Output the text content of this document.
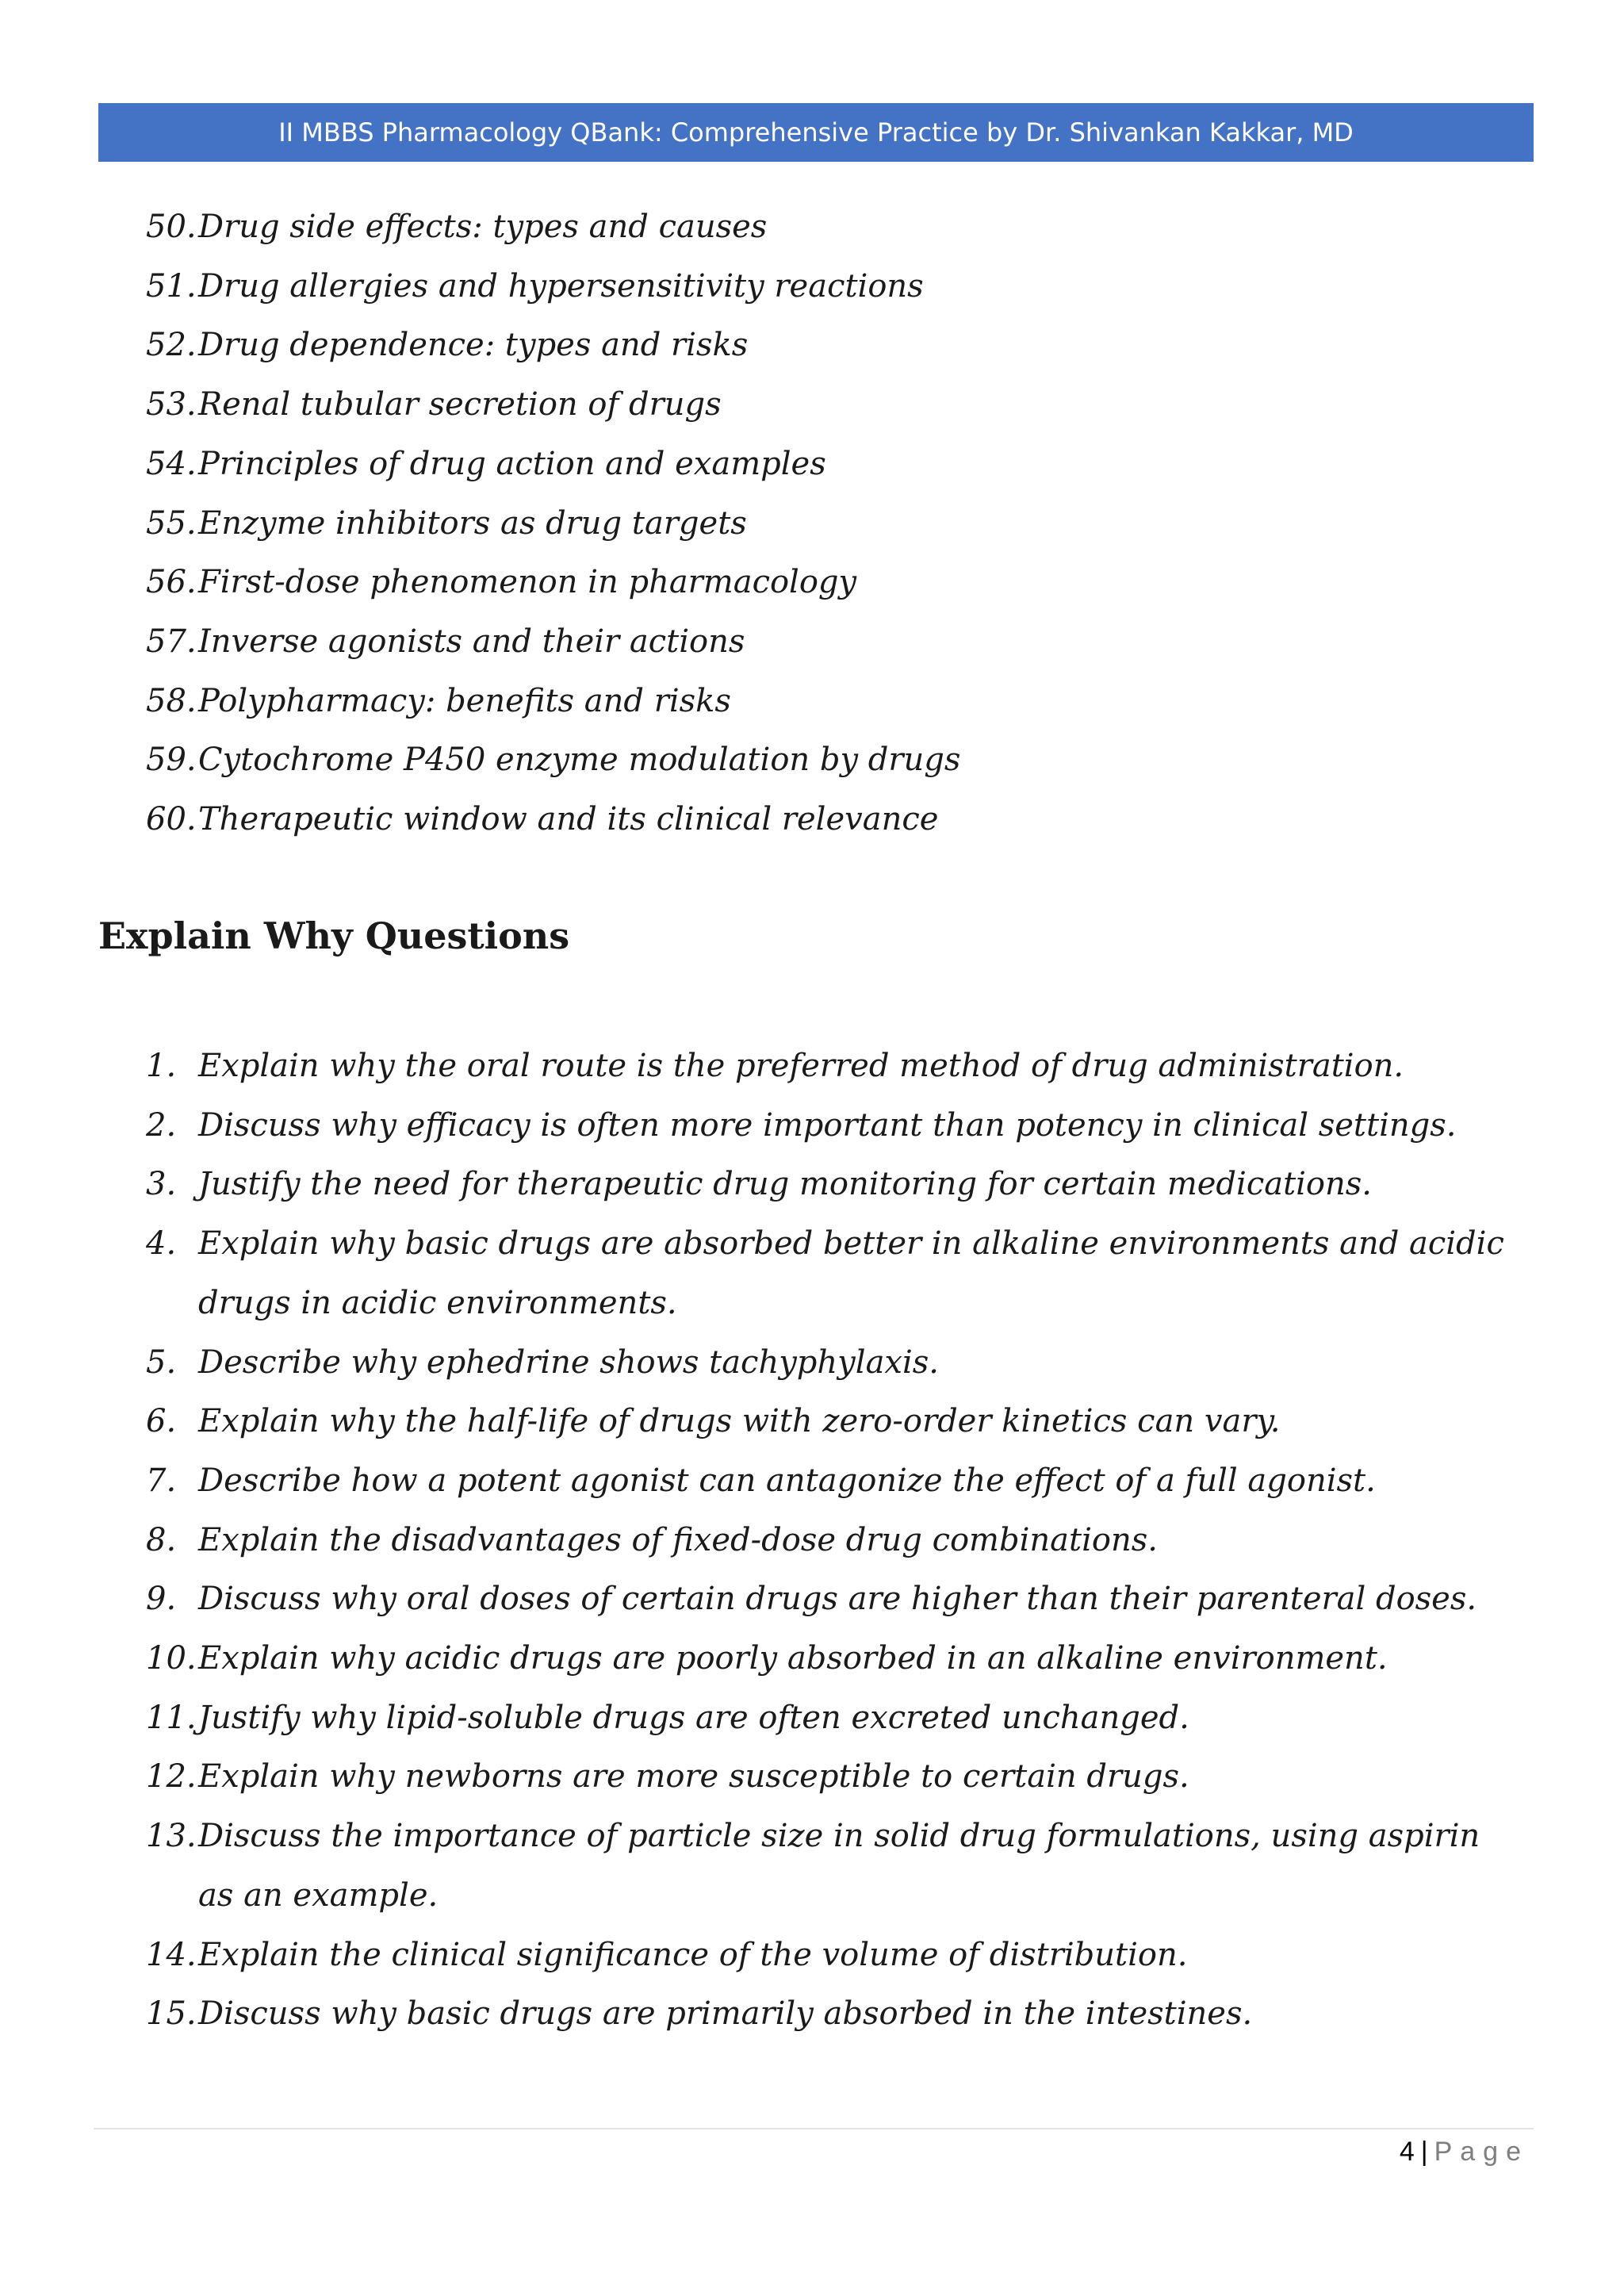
II MBBS Pharmacology QBank: Comprehensive Practice by Dr. Shivankan Kakkar, MD
50. Drug side effects: types and causes
51. Drug allergies and hypersensitivity reactions
52. Drug dependence: types and risks
53. Renal tubular secretion of drugs
54. Principles of drug action and examples
55. Enzyme inhibitors as drug targets
56. First-dose phenomenon in pharmacology
57. Inverse agonists and their actions
58. Polypharmacy: benefits and risks
59. Cytochrome P450 enzyme modulation by drugs
60. Therapeutic window and its clinical relevance
Explain Why Questions
1. Explain why the oral route is the preferred method of drug administration.
2. Discuss why efficacy is often more important than potency in clinical settings.
3. Justify the need for therapeutic drug monitoring for certain medications.
4. Explain why basic drugs are absorbed better in alkaline environments and acidic drugs in acidic environments.
5. Describe why ephedrine shows tachyphylaxis.
6. Explain why the half-life of drugs with zero-order kinetics can vary.
7. Describe how a potent agonist can antagonize the effect of a full agonist.
8. Explain the disadvantages of fixed-dose drug combinations.
9. Discuss why oral doses of certain drugs are higher than their parenteral doses.
10. Explain why acidic drugs are poorly absorbed in an alkaline environment.
11. Justify why lipid-soluble drugs are often excreted unchanged.
12. Explain why newborns are more susceptible to certain drugs.
13. Discuss the importance of particle size in solid drug formulations, using aspirin as an example.
14. Explain the clinical significance of the volume of distribution.
15. Discuss why basic drugs are primarily absorbed in the intestines.
4 | Page
